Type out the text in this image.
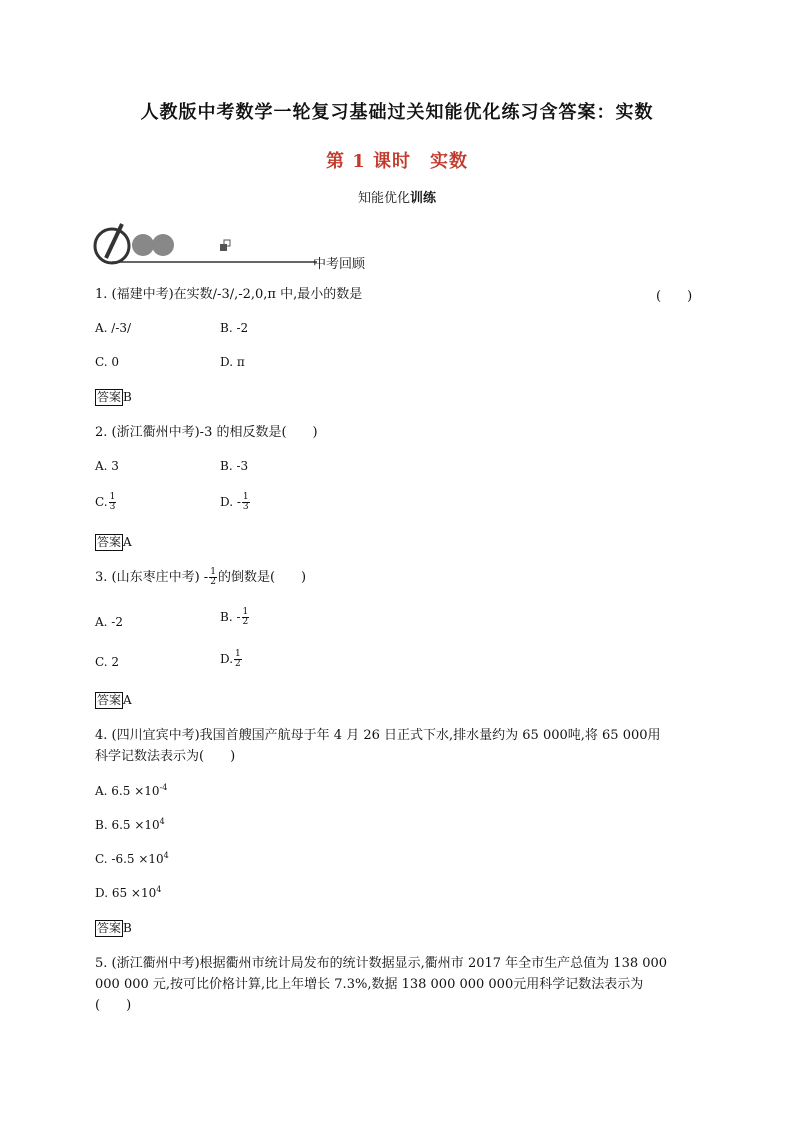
人教版中考数学一轮复习基础过关知能优化练习含答案：实数
第 1 课时　实数
知能优化训练
中考回顾
1. (福建中考)在实数/-3/,-2,0,π 中,最小的数是	(　　)
A. /-3/	B. -2
C. 0	D. π
答案 B
2. (浙江衢州中考)-3 的相反数是(　　)
A. 3	B. -3
C. $\frac{1}{3}$	D. - $\frac{1}{3}$
答案 A
3. (山东枣庄中考) - $\frac{1}{2}$ 的倒数是(　　)
A. -2	B. - $\frac{1}{2}$
C. 2	D. $\frac{1}{2}$
答案 A
4. (四川宜宾中考)我国首艘国产航母于年 4 月 26 日正式下水,排水量约为 65 000吨,将 65 000用
科学记数法表示为(　　)
A. $6.5 \times 10^{-4}$
B. $6.5 \times 10^4$
C. $-6.5 \times 10^4$
D. $65 \times 10^4$
答案 B
5. (浙江衢州中考)根据衢州市统计局发布的统计数据显示,衢州市 2017 年全市生产总值为 138 000
000 000 元,按可比价格计算,比上年增长 7.3%,数据 138 000 000 000元用科学记数法表示为
(　　)
